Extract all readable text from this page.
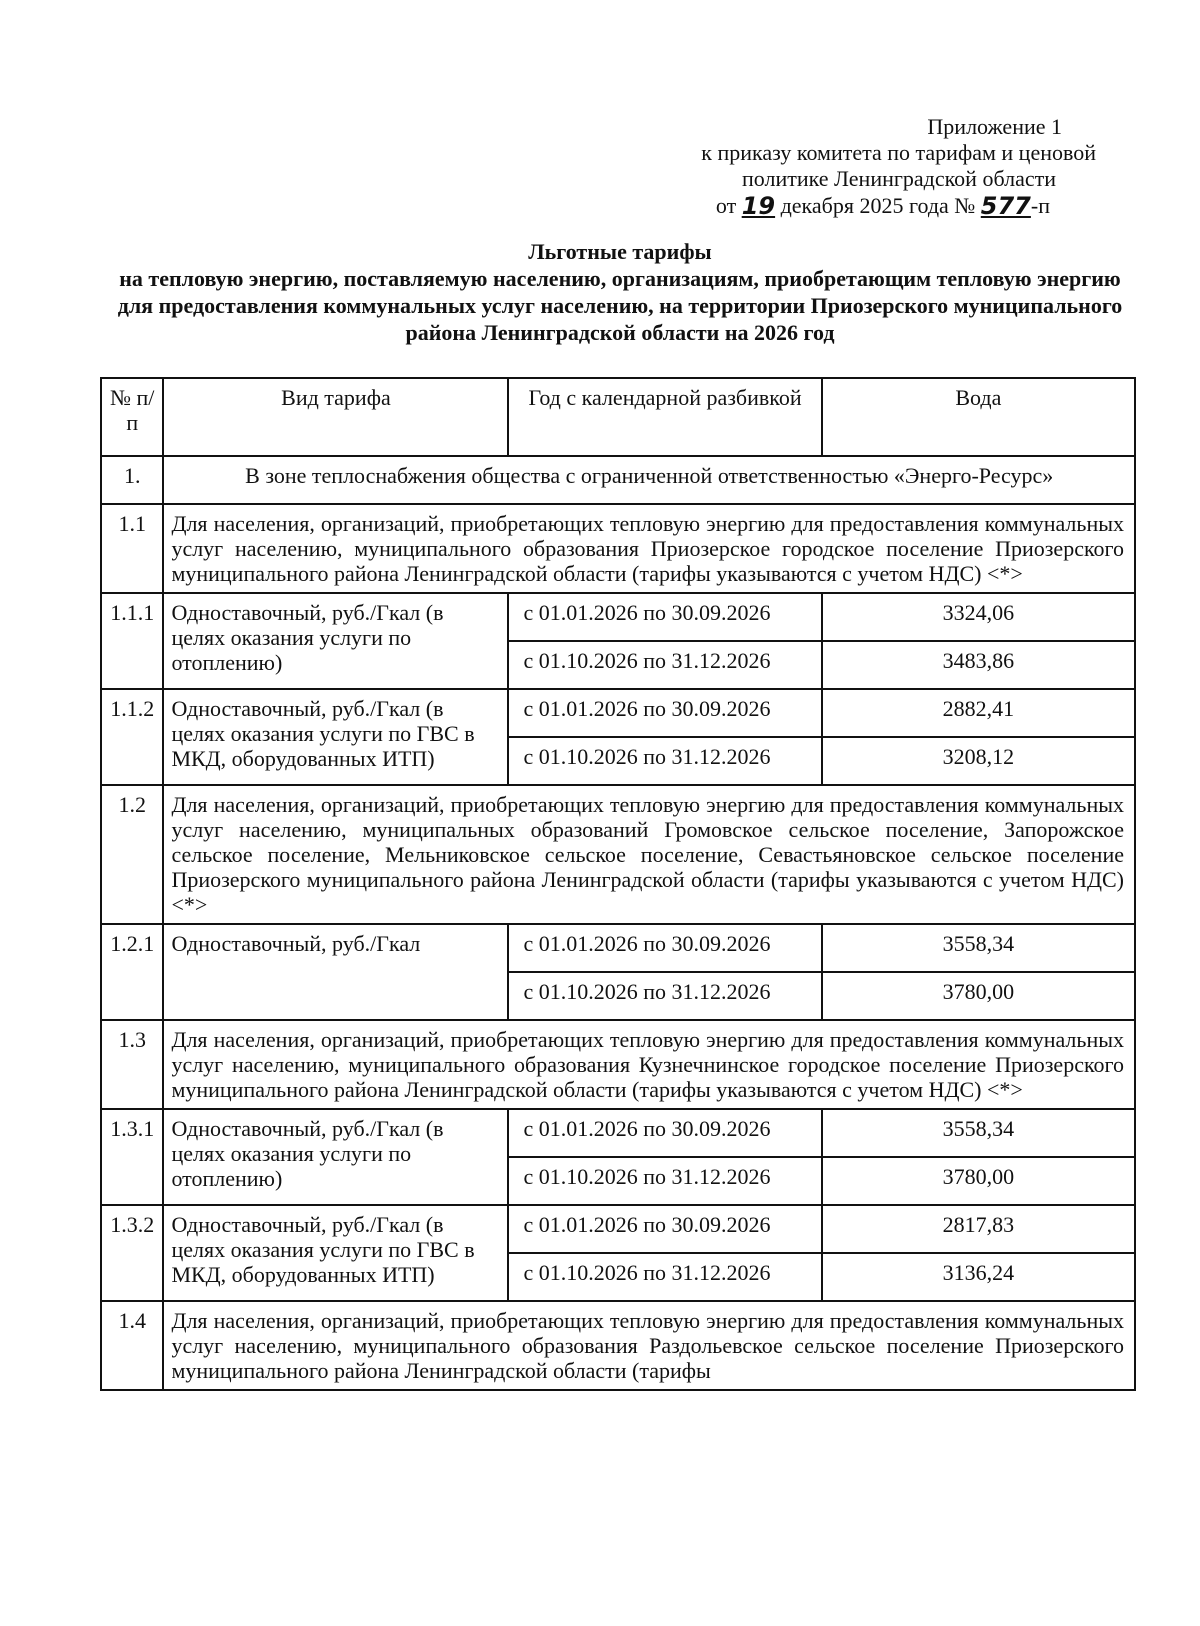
Приложение 1
к приказу комитета по тарифам и ценовой
политике Ленинградской области
от 19 декабря 2025 года № 577-п
Льготные тарифы
на тепловую энергию, поставляемую населению, организациям, приобретающим тепловую энергию для предоставления коммунальных услуг населению, на территории Приозерского муниципального района Ленинградской области на 2026 год
№ п/п	Вид тарифа	Год с календарной разбивкой	Вода
1.	В зоне теплоснабжения общества с ограниченной ответственностью «Энерго-Ресурс»		
1.1	Для населения, организаций, приобретающих тепловую энергию для предоставления коммунальных услуг населению, муниципального образования Приозерское городское поселение Приозерского муниципального района Ленинградской области (тарифы указываются с учетом НДС) <*>		
1.1.1	Одноставочный, руб./Гкал (в целях оказания услуги по отоплению)	с 01.01.2026 по 30.09.2026	3324,06
		с 01.10.2026 по 31.12.2026	3483,86
1.1.2	Одноставочный, руб./Гкал (в целях оказания услуги по ГВС в МКД, оборудованных ИТП)	с 01.01.2026 по 30.09.2026	2882,41
		с 01.10.2026 по 31.12.2026	3208,12
1.2	Для населения, организаций, приобретающих тепловую энергию для предоставления коммунальных услуг населению, муниципальных образований Громовское сельское поселение, Запорожское сельское поселение, Мельниковское сельское поселение, Севастьяновское сельское поселение Приозерского муниципального района Ленинградской области (тарифы указываются с учетом НДС) <*>		
1.2.1	Одноставочный, руб./Гкал	с 01.01.2026 по 30.09.2026	3558,34
		с 01.10.2026 по 31.12.2026	3780,00
1.3	Для населения, организаций, приобретающих тепловую энергию для предоставления коммунальных услуг населению, муниципального образования Кузнечнинское городское поселение Приозерского муниципального района Ленинградской области (тарифы указываются с учетом НДС) <*>		
1.3.1	Одноставочный, руб./Гкал (в целях оказания услуги по отоплению)	с 01.01.2026 по 30.09.2026	3558,34
		с 01.10.2026 по 31.12.2026	3780,00
1.3.2	Одноставочный, руб./Гкал (в целях оказания услуги по ГВС в МКД, оборудованных ИТП)	с 01.01.2026 по 30.09.2026	2817,83
		с 01.10.2026 по 31.12.2026	3136,24
1.4	Для населения, организаций, приобретающих тепловую энергию для предоставления коммунальных услуг населению, муниципального образования Раздольевское сельское поселение Приозерского муниципального района Ленинградской области (тарифы		
